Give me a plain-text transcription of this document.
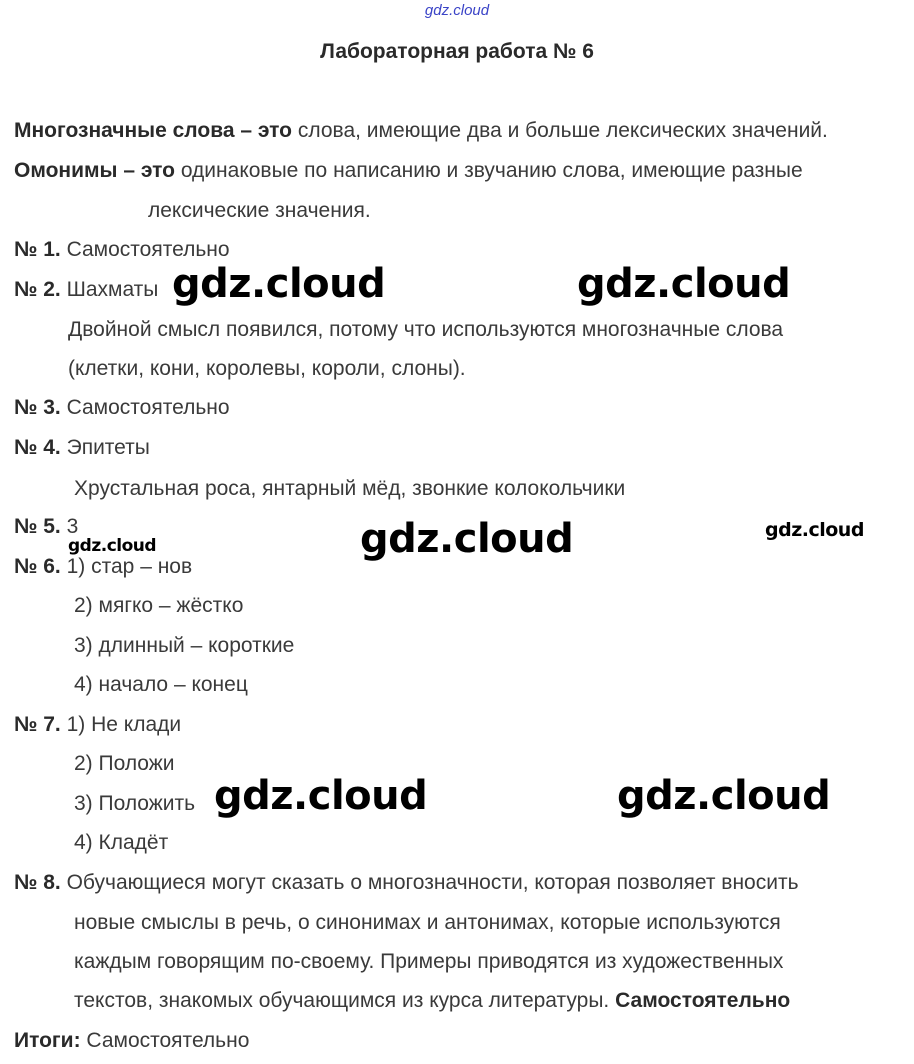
gdz.cloud
Лабораторная работа № 6
Многозначные слова – это слова, имеющие два и больше лексических значений.
Омонимы – это одинаковые по написанию и звучанию слова, имеющие разные
лексические значения.
№ 1. Самостоятельно
№ 2. Шахматы
Двойной смысл появился, потому что используются многозначные слова
(клетки, кони, королевы, короли, слоны).
№ 3. Самостоятельно
№ 4. Эпитеты
Хрустальная роса, янтарный мёд, звонкие колокольчики
№ 5. 3
№ 6. 1) стар – нов
2) мягко – жёстко
3) длинный – короткие
4) начало – конец
№ 7. 1) Не клади
2) Положи
3) Положить
4) Кладёт
№ 8. Обучающиеся могут сказать о многозначности, которая позволяет вносить
новые смыслы в речь, о синонимах и антонимах, которые используются
каждым говорящим по-своему. Примеры приводятся из художественных
текстов, знакомых обучающимся из курса литературы. Самостоятельно
Итоги: Самостоятельно
gdz.cloud	gdz.cloud
gdz.cloud	gdz.cloud
gdz.cloud
gdz.cloud	gdz.cloud
